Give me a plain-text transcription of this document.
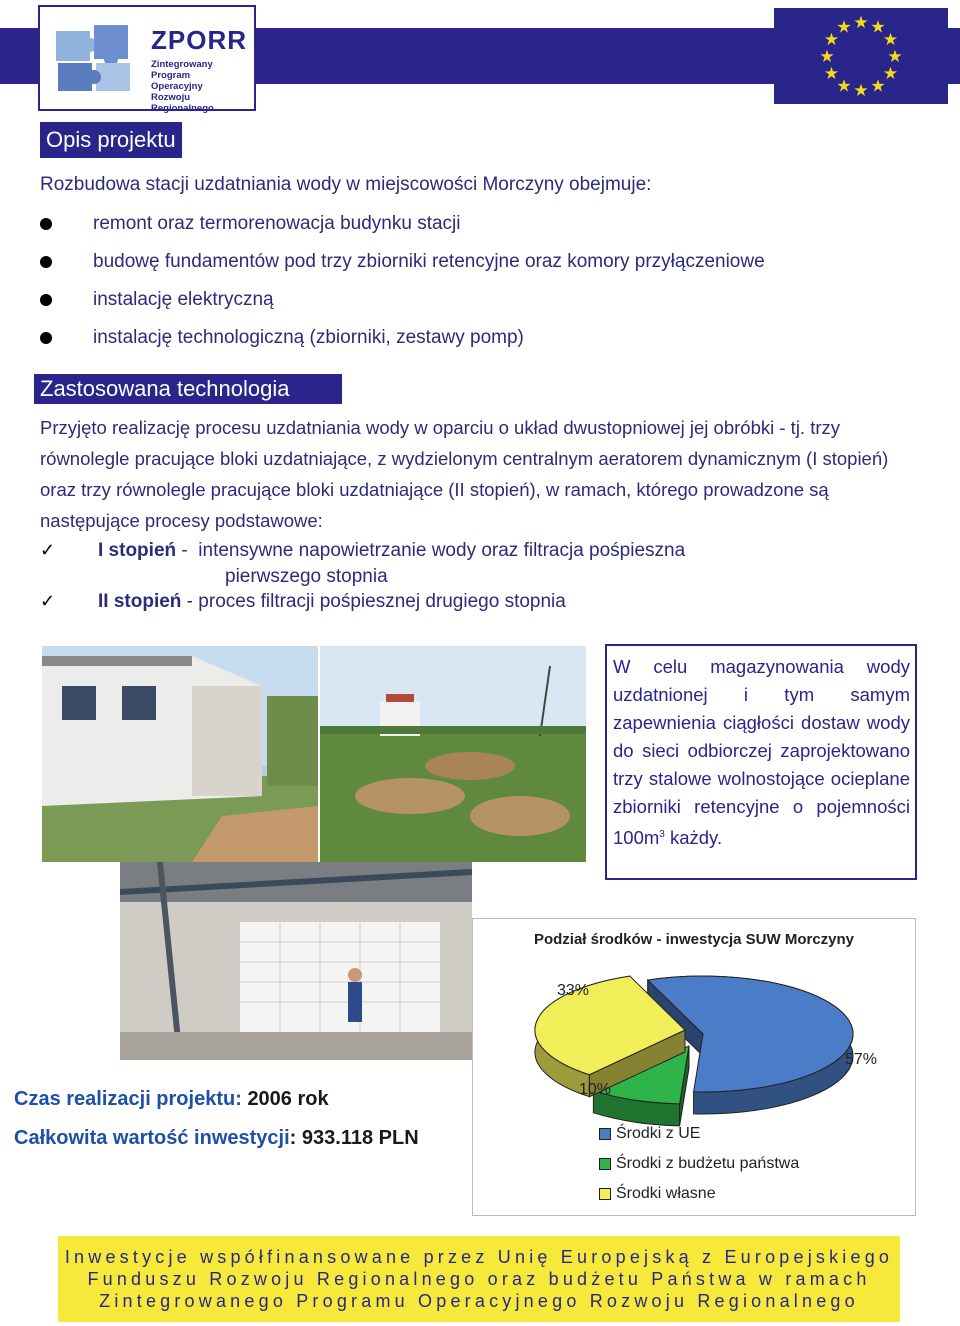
ZPORR
Zintegrowany Program
Operacyjny
Rozwoju Regionalnego
★ ★
★
★
★
★
★
★
★
★
★
★
Opis projektu
Rozbudowa stacji uzdatniania wody w miejscowości Morczyny obejmuje:
remont oraz termorenowacja budynku stacji
budowę fundamentów pod trzy zbiorniki retencyjne oraz komory przyłączeniowe
instalację elektryczną
instalację technologiczną (zbiorniki, zestawy pomp)
Zastosowana technologia
Przyjęto realizację procesu uzdatniania wody w oparciu o układ dwustopniowej jej obróbki - tj. trzy równolegle pracujące bloki uzdatniające, z wydzielonym centralnym aeratorem dynamicznym (I stopień) oraz trzy równolegle pracujące bloki uzdatniające (II stopień), w ramach, którego prowadzone są następujące procesy podstawowe:
✓ I stopień -  intensywne napowietrzanie wody oraz filtracja pośpieszna
pierwszego stopnia
✓ II stopień - proces filtracji pośpiesznej drugiego stopnia
W celu magazynowania wody uzdatnionej i tym samym zapewnienia ciągłości dostaw wody do sieci odbiorczej zaprojektowano trzy stalowe wolnostojące ocieplane zbiorniki retencyjne o pojemności $100m^3$ każdy.
Podział środków - inwestycja SUW Morczyny
57%
10%
33%
Środki z UE
Środki z budżetu państwa
Środki własne
Czas realizacji projektu: 2006 rok
Całkowita wartość inwestycji: 933.118 PLN
Inwestycje współfinansowane przez Unię Europejską z Europejskiego
Funduszu Rozwoju Regionalnego oraz budżetu Państwa w ramach
Zintegrowanego Programu Operacyjnego Rozwoju Regionalnego
